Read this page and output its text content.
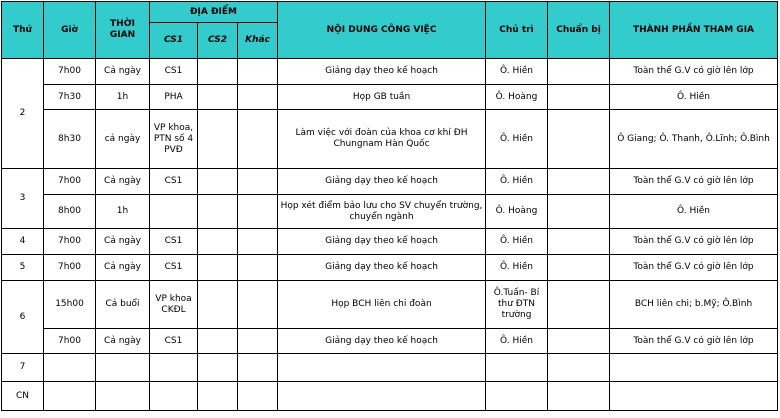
Thứ	Giờ	THỜI GIAN	ĐỊA ĐIỂM			NỘI DUNG CÔNG VIỆC	Chủ trì	Chuẩn bị	THÀNH PHẦN THAM GIA
			CS1	CS2	Khác				
2	7h00	Cả ngày	CS1			Giảng dạy theo kế hoạch	Ô. Hiền		Toàn thể G.V có giờ lên lớp
	7h30	1h	PHA			Họp GB tuần	Ô. Hoàng		Ô. Hiền
	8h30	cả ngày	VP khoa, PTN số 4 PVĐ			Làm việc với đoàn của khoa cơ khí ĐH Chungnam Hàn Quốc	Ô. Hiền		Ô Giang; Ô. Thanh, Ô.Lĩnh; Ô.Bình
3	7h00	Cả ngày	CS1			Giảng dạy theo kế hoạch	Ô. Hiền		Toàn thể G.V có giờ lên lớp
	8h00	1h				Họp xét điểm bảo lưu cho SV chuyển trường, chuyển ngành	Ô. Hoàng		Ô. Hiền
4	7h00	Cả ngày	CS1			Giảng dạy theo kế hoạch	Ô. Hiền		Toàn thể G.V có giờ lên lớp
5	7h00	Cả ngày	CS1			Giảng dạy theo kế hoạch	Ô. Hiền		Toàn thể G.V có giờ lên lớp
6	15h00	Cả buổi	VP khoa CKĐL			Họp BCH liên chi đoàn	Ô.Tuấn- Bí thư ĐTN trường		BCH liên chi; b.Mỹ; Ô.Bình
	7h00	Cả ngày	CS1			Giảng dạy theo kế hoạch	Ô. Hiền		Toàn thể G.V có giờ lên lớp
7									
CN									
